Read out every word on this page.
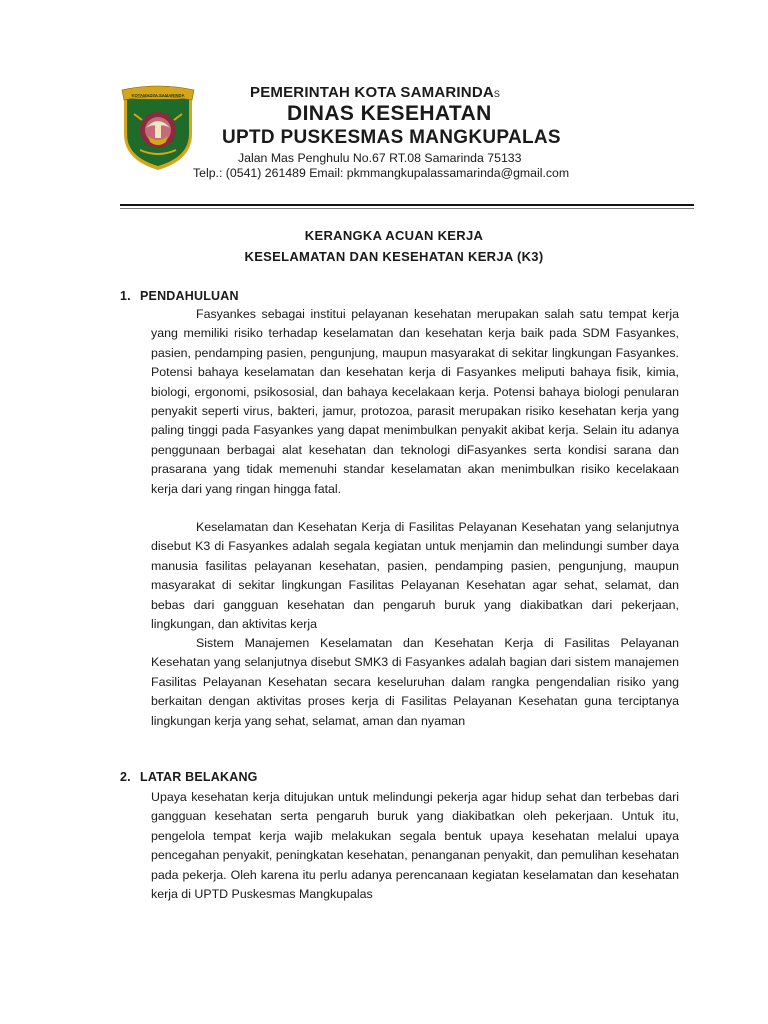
KOTAMADYA SAMARINDA	PEMERINTAH KOTA SAMARINDAS
DINAS KESEHATAN
UPTD PUSKESMAS MANGKUPALAS
Jalan Mas Penghulu No.67 RT.08 Samarinda 75133
Telp.: (0541) 261489 Email: pkmmangkupalassamarinda@gmail.com
KERANGKA ACUAN KERJA
KESELAMATAN DAN KESEHATAN KERJA (K3)
1. PENDAHULUAN

Fasyankes sebagai institui pelayanan kesehatan merupakan salah satu tempat kerja yang memiliki risiko terhadap keselamatan dan kesehatan kerja baik pada SDM Fasyankes, pasien, pendamping pasien, pengunjung, maupun masyarakat di sekitar lingkungan Fasyankes. Potensi bahaya keselamatan dan kesehatan kerja di Fasyankes meliputi bahaya fisik, kimia, biologi, ergonomi, psikososial, dan bahaya kecelakaan kerja. Potensi bahaya biologi penularan penyakit seperti virus, bakteri, jamur, protozoa, parasit merupakan risiko kesehatan kerja yang paling tinggi pada Fasyankes yang dapat menimbulkan penyakit akibat kerja. Selain itu adanya penggunaan berbagai alat kesehatan dan teknologi diFasyankes serta kondisi sarana dan prasarana yang tidak memenuhi standar keselamatan akan menimbulkan risiko kecelakaan kerja dari yang ringan hingga fatal.

Keselamatan dan Kesehatan Kerja di Fasilitas Pelayanan Kesehatan yang selanjutnya disebut K3 di Fasyankes adalah segala kegiatan untuk menjamin dan melindungi sumber daya manusia fasilitas pelayanan kesehatan, pasien, pendamping pasien, pengunjung, maupun masyarakat di sekitar lingkungan Fasilitas Pelayanan Kesehatan agar sehat, selamat, dan bebas dari gangguan kesehatan dan pengaruh buruk yang diakibatkan dari pekerjaan, lingkungan, dan aktivitas kerja

Sistem Manajemen Keselamatan dan Kesehatan Kerja di Fasilitas Pelayanan Kesehatan yang selanjutnya disebut SMK3 di Fasyankes adalah bagian dari sistem manajemen Fasilitas Pelayanan Kesehatan secara keseluruhan dalam rangka pengendalian risiko yang berkaitan dengan aktivitas proses kerja di Fasilitas Pelayanan Kesehatan guna terciptanya lingkungan kerja yang sehat, selamat, aman dan nyaman

2. LATAR BELAKANG

Upaya kesehatan kerja ditujukan untuk melindungi pekerja agar hidup sehat dan terbebas dari gangguan kesehatan serta pengaruh buruk yang diakibatkan oleh pekerjaan. Untuk itu, pengelola tempat kerja wajib melakukan segala bentuk upaya kesehatan melalui upaya pencegahan penyakit, peningkatan kesehatan, penanganan penyakit, dan pemulihan kesehatan pada pekerja. Oleh karena itu perlu adanya perencanaan kegiatan keselamatan dan kesehatan kerja di UPTD Puskesmas Mangkupalas
